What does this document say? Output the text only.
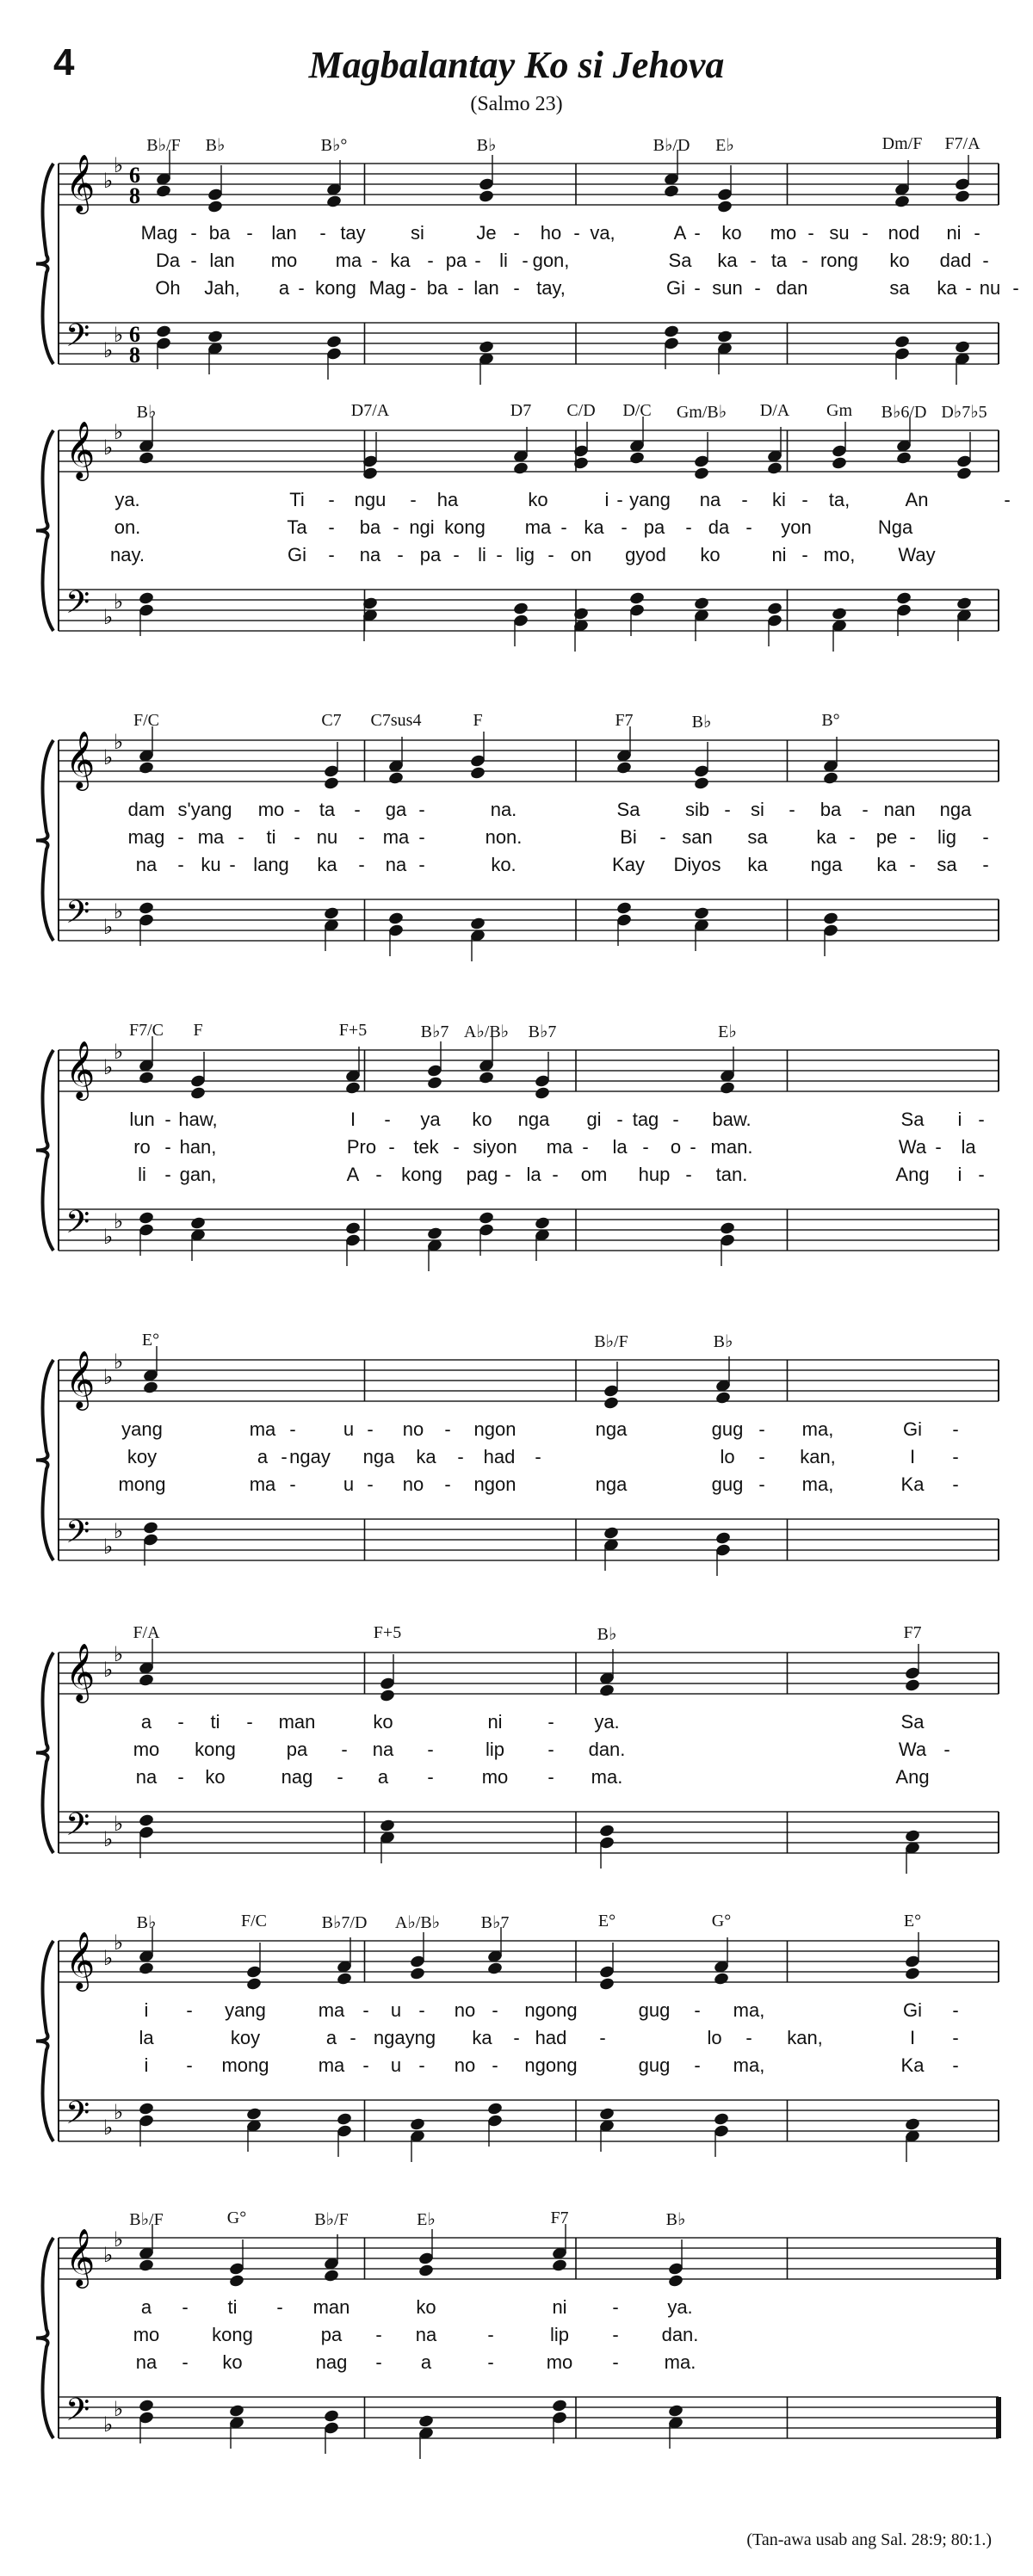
4	Magbalantay Ko si Jehova
(Salmo 23)
𝄞
𝄢
♭
♭
♭
♭
6
8
6
8
B♭/F B♭	B♭°	B♭	B♭/D E♭	Dm/F F7/A
Mag - ba - lan - tay si	Je - ho - va,	A - ko mo - su - nod ni -
Da - lan mo ma - ka - pa - li - gon,	Sa ka - ta - rong ko dad -
Oh Jah, a - kong Mag - ba - lan - tay,	Gi - sun - dan	sa ka - nu -
𝄞
𝄢
♭
♭
♭
♭
B♭	D7/A	D7 C/D D/C Gm/B♭ D/A Gm B♭6/D D♭7♭5
ya.	Ti - ngu - ha	ko	i - yang na - ki - ta,	An	-
on.	Ta - ba - ngi kong ma - ka - pa - da - yon	Nga
nay.	Gi - na - pa - li - lig - on gyod ko	ni - mo, Way
𝄞
𝄢
♭
♭
♭
♭
F/C	C7 C7sus4	F	F7	B♭	B°
dam s'yang mo - ta - ga -	na.	Sa sib - si - ba - nan nga
mag - ma - ti - nu - ma -	non.	Bi - san sa	ka - pe - lig -
na - ku - lang ka - na -	ko.	Kay Diyos ka nga ka - sa -
𝄞
𝄢
♭
♭
♭
♭
F7/C F	F+5	B♭7 A♭/B♭ B♭7	E♭
lun - haw,	I - ya ko nga gi - tag - baw.	Sa i -
ro - han,	Pro - tek - siyon ma - la - o - man.	Wa - la
li - gan,	A - kong pag - la - om hup - tan.	Ang i -
𝄞
𝄢
♭
♭
♭
♭
E°	B♭/F	B♭
yang	ma -	u - no - ngon	nga	gug - ma,	Gi -
koy	a - ngay nga ka - had -	lo - kan,	I -
mong	ma -	u - no - ngon	nga	gug - ma,	Ka -
𝄞
𝄢
♭
♭
♭
♭
F/A	F+5	B♭	F7
a - ti - man	ko	ni - ya.	Sa
mo kong	pa - na -	lip - dan.	Wa -
na - ko	nag - a -	mo - ma.	Ang
𝄞
𝄢
♭
♭
♭
♭
B♭	F/C	B♭7/D A♭/B♭ B♭7	E°	G°	E°
i - yang	ma - u - no - ngong	gug - ma,	Gi -
la	koy	a - ngayng ka - had -	lo - kan,	I -
i - mong	ma - u - no - ngong	gug - ma,	Ka -
𝄞
𝄢
♭
♭
♭
♭
B♭/F	G°	B♭/F	E♭	F7	B♭
a - ti - man	ko	ni -	ya.
mo	kong	pa - na	-	lip - dan.
na - ko	nag - a	-	mo - ma.
(Tan-awa usab ang Sal. 28:9; 80:1.)
